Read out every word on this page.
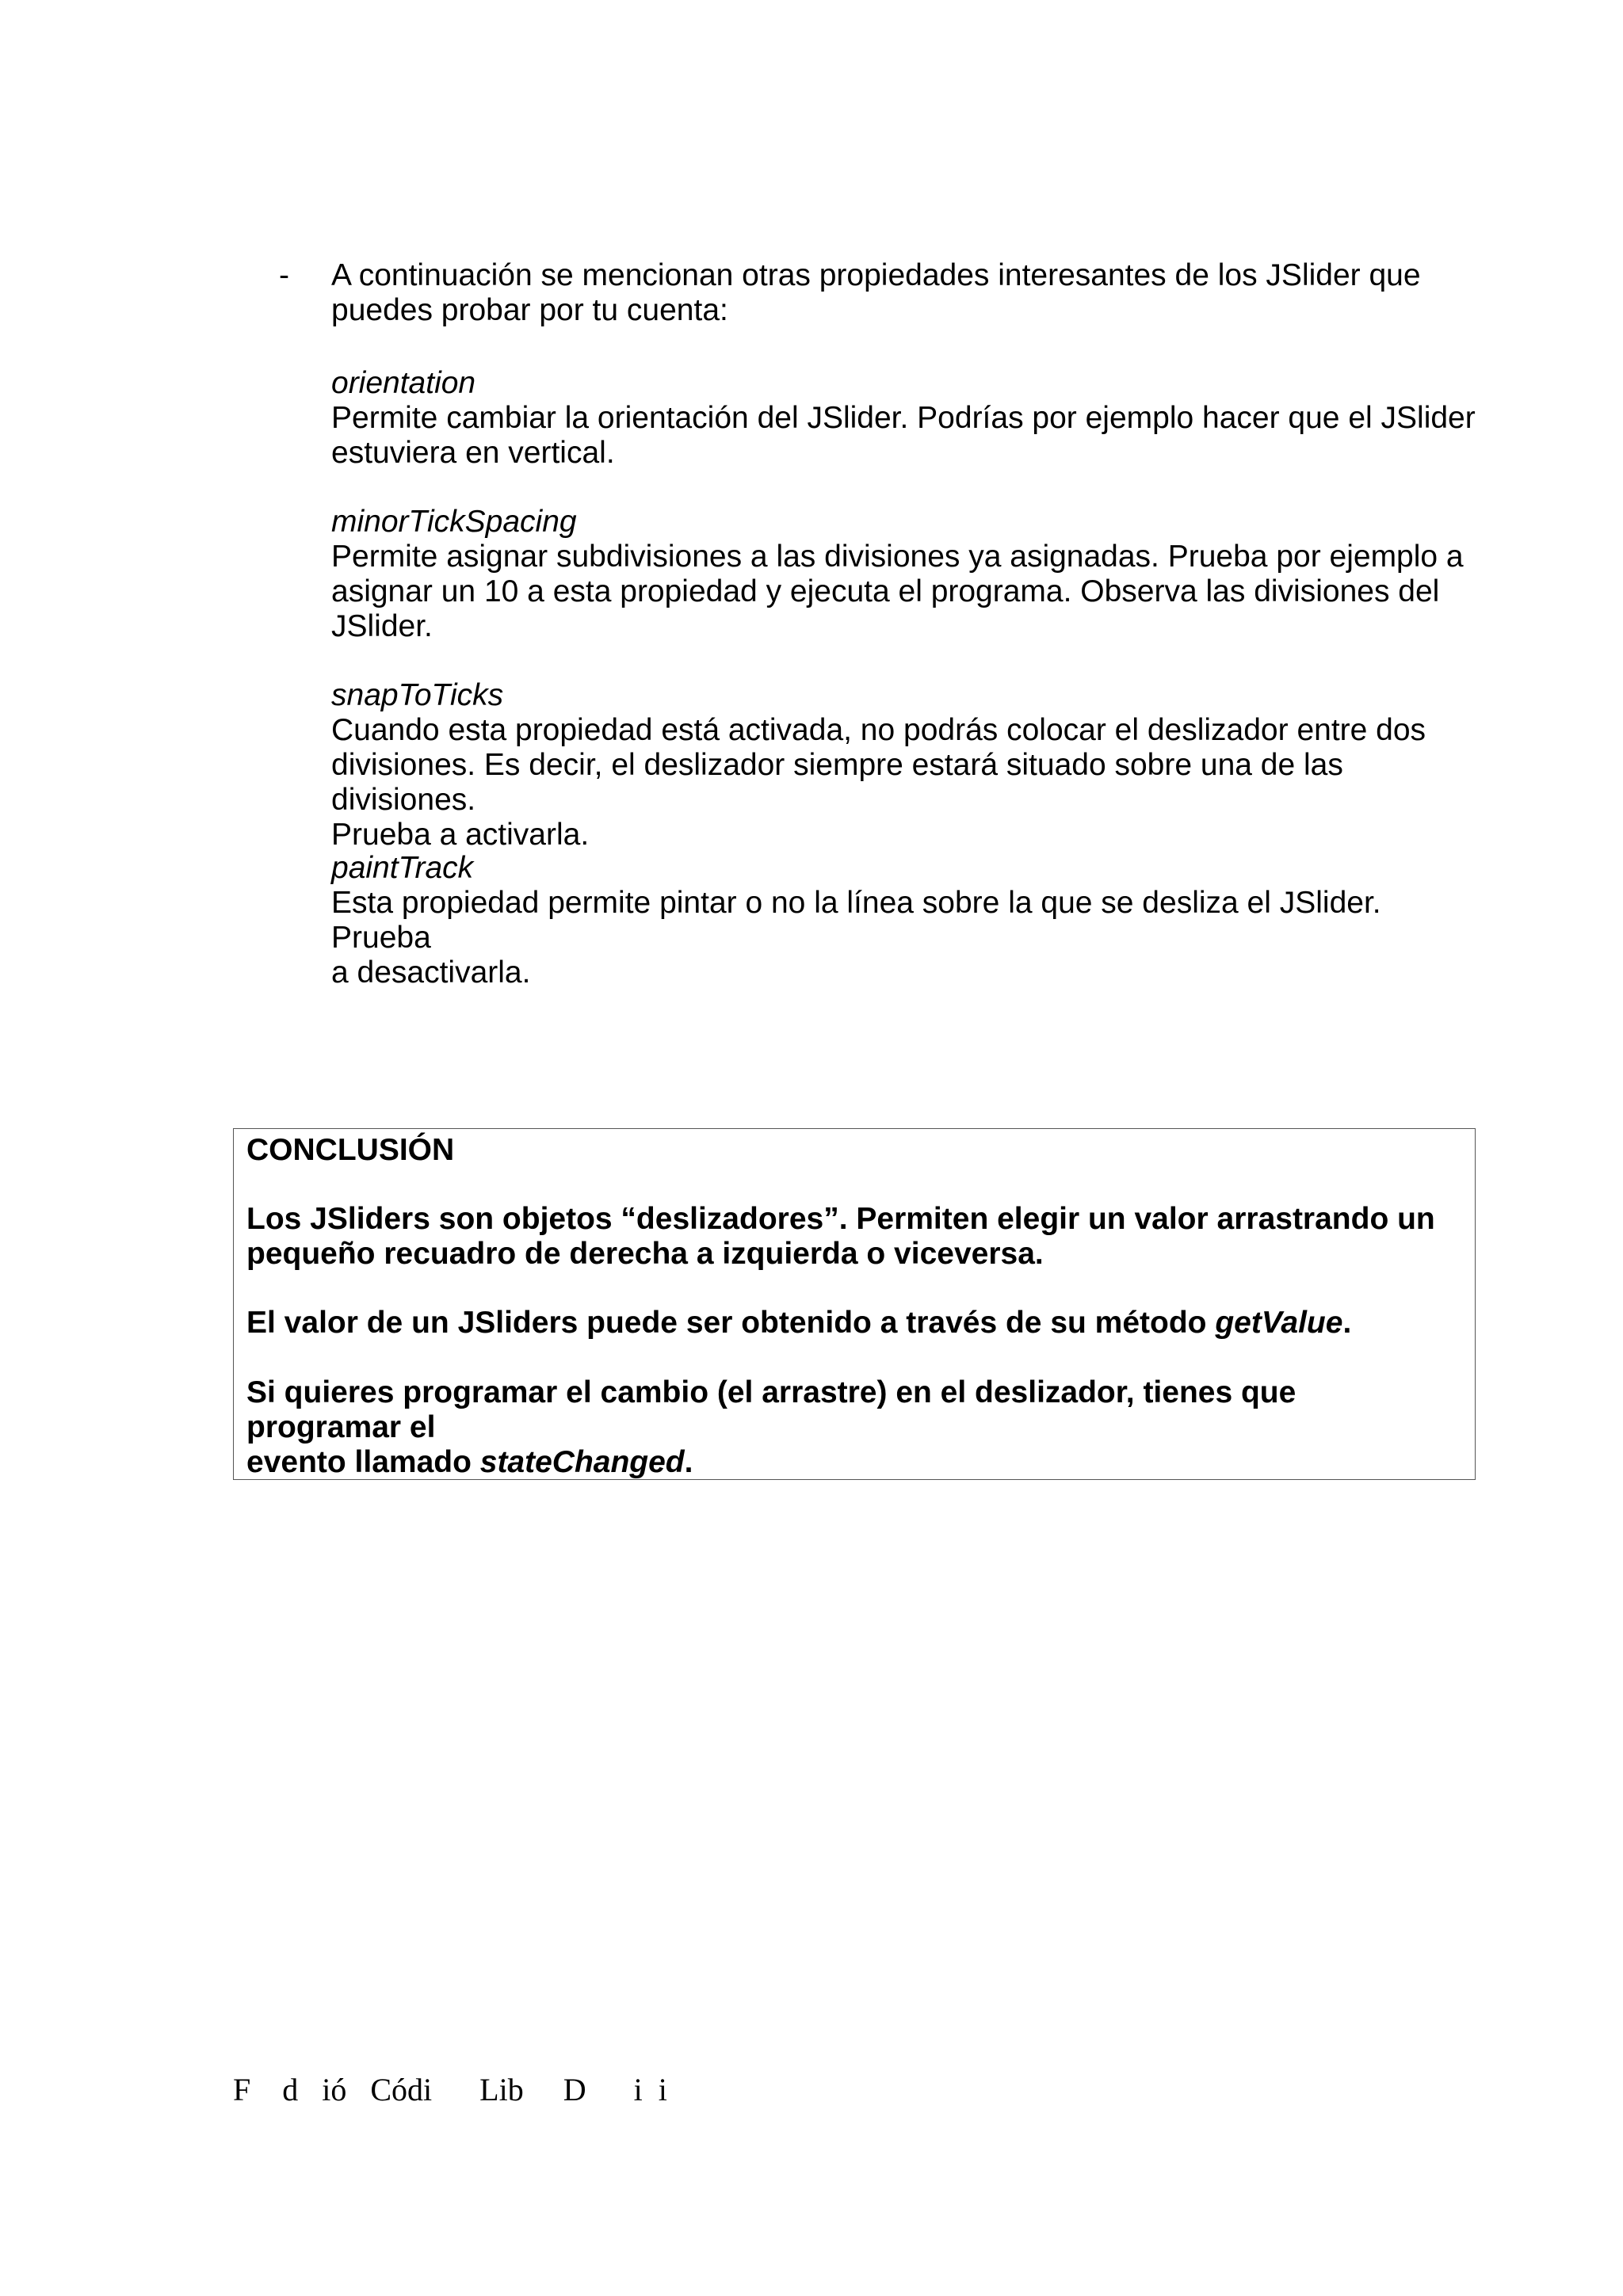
- A continuación se mencionan otras propiedades interesantes de los JSlider que
puedes probar por tu cuenta:
orientation
Permite cambiar la orientación del JSlider. Podrías por ejemplo hacer que el JSlider
estuviera en vertical.
minorTickSpacing
Permite asignar subdivisiones a las divisiones ya asignadas. Prueba por ejemplo a
asignar un 10 a esta propiedad y ejecuta el programa. Observa las divisiones del
JSlider.
snapToTicks
Cuando esta propiedad está activada, no podrás colocar el deslizador entre dos
divisiones. Es decir, el deslizador siempre estará situado sobre una de las divisiones.
Prueba a activarla.
paintTrack
Esta propiedad permite pintar o no la línea sobre la que se desliza el JSlider. Prueba
a desactivarla.
CONCLUSIÓN
Los JSliders son objetos “deslizadores”. Permiten elegir un valor arrastrando un
pequeño recuadro de derecha a izquierda o viceversa.
El valor de un JSliders puede ser obtenido a través de su método getValue.
Si quieres programar el cambio (el arrastre) en el deslizador, tienes que programar el
evento llamado stateChanged.
F    d   ió   Códi      Lib     D      i  i
